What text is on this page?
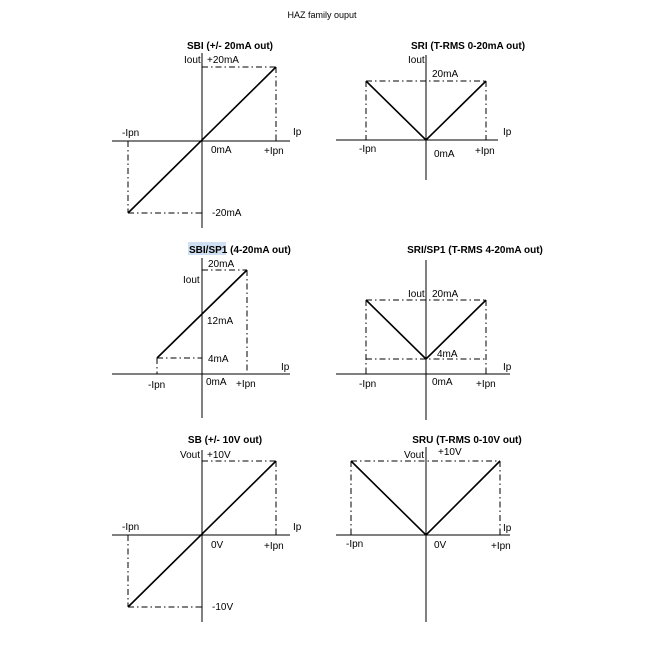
HAZ family ouput
SBI (+/- 20mA out)
Iout +20mA
Ip
-Ipn
0mA	+Ipn
-20mA
SRI (T-RMS 0-20mA out)
Iout
20mA
Ip
-Ipn	0mA +Ipn
SBI/SP1 (4-20mA out)
20mA
Iout
12mA
4mA
Ip
-Ipn	0mA +Ipn
SRI/SP1 (T-RMS 4-20mA out)
Iout 20mA
4mA
Ip
-Ipn	0mA +Ipn
SB (+/- 10V out)
Vout +10V
Ip
-Ipn
0V	+Ipn
-10V
SRU (T-RMS 0-10V out)
Vout +10V
Ip
-Ipn	0V	+Ipn
